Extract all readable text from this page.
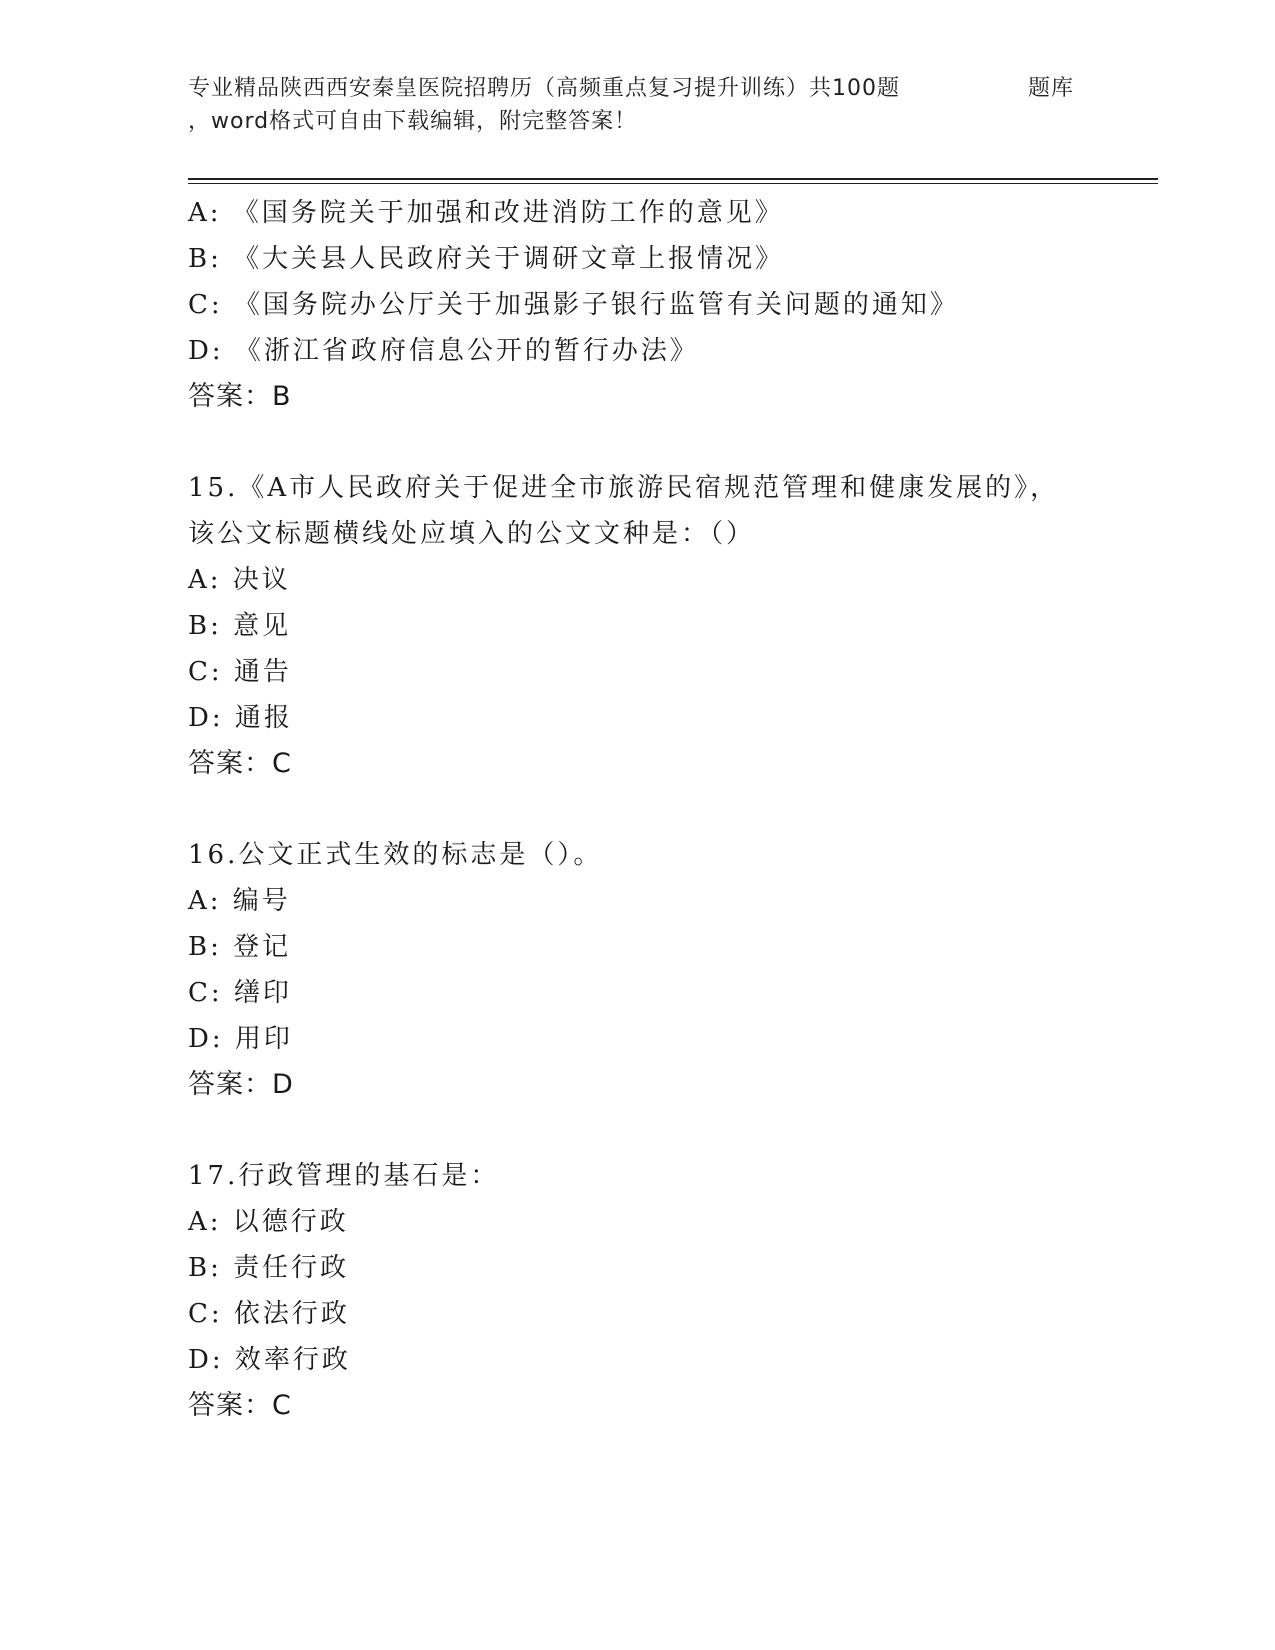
专业精品陕西西安秦皇医院招聘历（高频重点复习提升训练）共100题	题库
，word格式可自由下载编辑，附完整答案！
A: 《国务院关于加强和改进消防工作的意见》
B: 《大关县人民政府关于调研文章上报情况》
C: 《国务院办公厅关于加强影子银行监管有关问题的通知》
D: 《浙江省政府信息公开的暂行办法》
答案：B
15.《A市人民政府关于促进全市旅游民宿规范管理和健康发展的》，
该公文标题横线处应填入的公文文种是：（）
A: 决议
B: 意见
C: 通告
D: 通报
答案：C
16.公文正式生效的标志是（）。
A: 编号
B: 登记
C: 缮印
D: 用印
答案：D
17.行政管理的基石是：
A: 以德行政
B: 责任行政
C: 依法行政
D: 效率行政
答案：C
